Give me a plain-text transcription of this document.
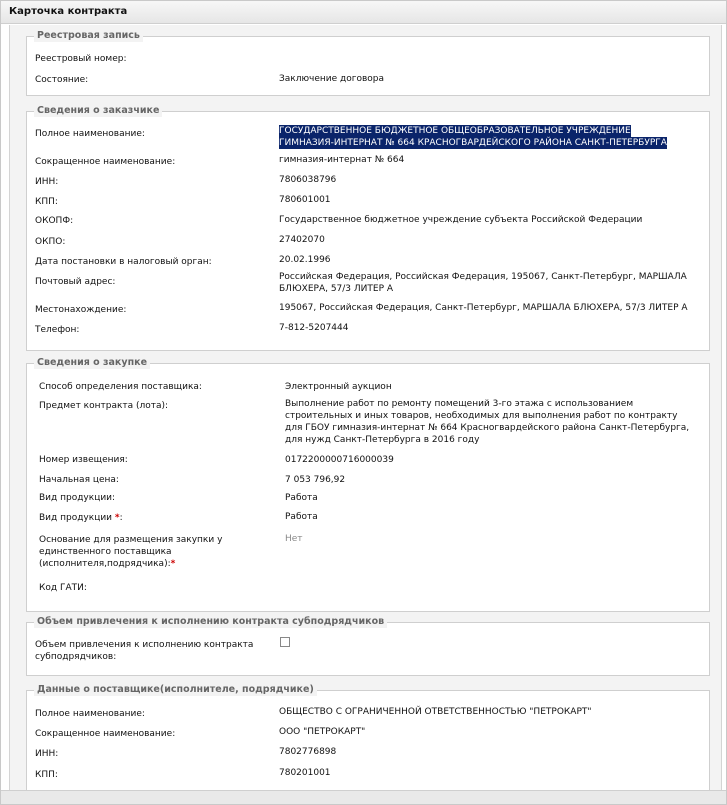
Карточка контракта
Реестровая запись
Реестровый номер:
Состояние:	Заключение договора
Сведения о заказчике
Полное наименование:	ГОСУДАРСТВЕННОЕ БЮДЖЕТНОЕ ОБЩЕОБРАЗОВАТЕЛЬНОЕ УЧРЕЖДЕНИЕ
ГИМНАЗИЯ-ИНТЕРНАТ № 664 КРАСНОГВАРДЕЙСКОГО РАЙОНА САНКТ-ПЕТЕРБУРГА
Сокращенное наименование:	гимназия-интернат № 664
ИНН:	7806038796
КПП:	780601001
ОКОПФ:	Государственное бюджетное учреждение субъекта Российской Федерации
ОКПО:	27402070
Дата постановки в налоговый орган:	20.02.1996
Почтовый адрес:	Российская Федерация, Российская Федерация, 195067, Санкт-Петербург, МАРШАЛА
БЛЮХЕРА, 57/3 ЛИТЕР А
Местонахождение:	195067, Российская Федерация, Санкт-Петербург, МАРШАЛА БЛЮХЕРА, 57/3 ЛИТЕР А
Телефон:	7-812-5207444
Сведения о закупке
Способ определения поставщика:	Электронный аукцион
Предмет контракта (лота):	Выполнение работ по ремонту помещений 3-го этажа с использованием
строительных и иных товаров, необходимых для выполнения работ по контракту
для ГБОУ гимназия-интернат № 664 Красногвардейского района Санкт-Петербурга,
для нужд Санкт-Петербурга в 2016 году
Номер извещения:	0172200000716000039
Начальная цена:	7 053 796,92
Вид продукции:	Работа
Вид продукции *:	Работа
Основание для размещения закупки у
единственного поставщика
(исполнителя,подрядчика):*
Нет
Код ГАТИ:
Объем привлечения к исполнению контракта субподрядчиков
Объем привлечения к исполнению контракта
субподрядчиков:
Данные о поставщике(исполнителе, подрядчике)
Полное наименование:	ОБЩЕСТВО С ОГРАНИЧЕННОЙ ОТВЕТСТВЕННОСТЬЮ "ПЕТРОКАРТ"
Сокращенное наименование:	ООО "ПЕТРОКАРТ"
ИНН:	7802776898
КПП:	780201001
